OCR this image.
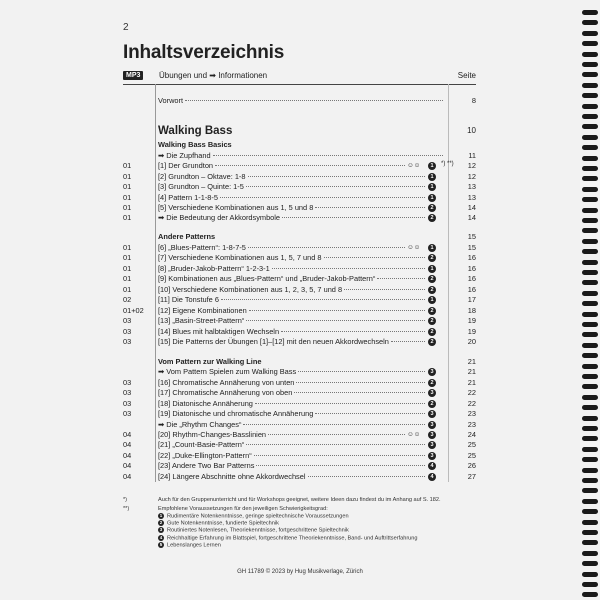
2
Inhaltsverzeichnis
MP3	Übungen und ➡ Informationen	Seite
Vorwort	8
Walking Bass	10
Walking Bass Basics
➡ Die Zupfhand	11
01	[1] Der Grundton	☺☺	1	*) **) 12
01	[2] Grundton – Oktave: 1-8	1	12
01	[3] Grundton – Quinte: 1-5	1	13
01	[4] Pattern 1-1-8-5	1	13
01	[5] Verschiedene Kombinationen aus 1, 5 und 8	2	14
01	➡ Die Bedeutung der Akkordsymbole	2	14
Andere Patterns	15
01	[6] „Blues-Pattern“: 1-8-7-5	☺☺	1	15
01	[7] Verschiedene Kombinationen aus 1, 5, 7 und 8	2	16
01	[8] „Bruder-Jakob-Pattern“ 1-2-3-1	1	16
01	[9] Kombinationen aus „Blues-Pattern“ und „Bruder-Jakob-Pattern“	2	16
01	[10] Verschiedene Kombinationen aus 1, 2, 3, 5, 7 und 8	2	16
02	[11] Die Tonstufe 6	1	17
01+02 [12] Eigene Kombinationen	2	18
03	[13] „Basin-Street-Pattern“	2	19
03	[14] Blues mit halbtaktigen Wechseln	2	19
03	[15] Die Patterns der Übungen [1]–[12] mit den neuen Akkordwechseln	2	20
Vom Pattern zur Walking Line	21
➡ Vom Pattern Spielen zum Walking Bass	3	21
03	[16] Chromatische Annäherung von unten	2	21
03	[17] Chromatische Annäherung von oben	3	22
03	[18] Diatonische Annäherung	2	22
03	[19] Diatonische und chromatische Annäherung	3	23
➡ Die „Rhythm Changes“	3	23
04	[20] Rhythm-Changes-Basslinien	☺☺	3	24
04	[21] „Count-Basie-Pattern“	3	25
04	[22] „Duke-Ellington-Pattern“	3	25
04	[23] Andere Two Bar Patterns	4	26
04	[24] Längere Abschnitte ohne Akkordwechsel	4	27
*)	Auch für den Gruppenunterricht und für Workshops geeignet, weitere Ideen dazu findest du im Anhang auf S. 182.
**)	Empfohlene Voraussetzungen für den jeweiligen Schwierigkeitsgrad:
1 Rudimentäre Notenkenntnisse, geringe spieltechnische Voraussetzungen
2 Gute Notenkenntnisse, fundierte Spieltechnik
3 Routiniertes Notenlesen, Theoriekenntnisse, fortgeschrittene Spieltechnik
4 Reichhaltige Erfahrung im Blattspiel, fortgeschrittene Theoriekenntnisse, Band- und Auftrittserfahrung
5 Lebenslanges Lernen
GH 11789 © 2023 by Hug Musikverlage, Zürich
